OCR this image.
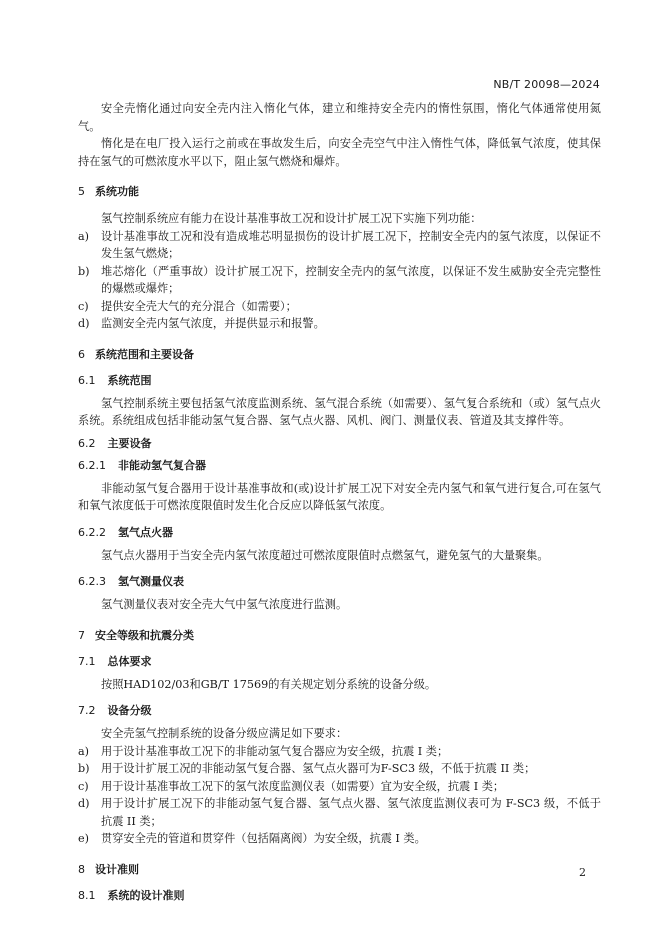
NB/T 20098—2024

安全壳惰化通过向安全壳内注入惰化气体，建立和维持安全壳内的惰性氛围，惰化气体通常使用氮气。

惰化是在电厂投入运行之前或在事故发生后，向安全壳空气中注入惰性气体，降低氧气浓度，使其保持在氢气的可燃浓度水平以下，阻止氢气燃烧和爆炸。

5 系统功能

氢气控制系统应有能力在设计基准事故工况和设计扩展工况下实施下列功能：

a)	设计基准事故工况和没有造成堆芯明显损伤的设计扩展工况下，控制安全壳内的氢气浓度，以保证不发生氢气燃烧；
b)	堆芯熔化（严重事故）设计扩展工况下，控制安全壳内的氢气浓度，以保证不发生威胁安全壳完整性的爆燃或爆炸；
c)	提供安全壳大气的充分混合（如需要）；
d)	监测安全壳内氢气浓度，并提供显示和报警。
6 系统范围和主要设备
6.1 系统范围

氢气控制系统主要包括氢气浓度监测系统、氢气混合系统（如需要）、氢气复合系统和（或）氢气点火系统。系统组成包括非能动氢气复合器、氢气点火器、风机、阀门、测量仪表、管道及其支撑件等。

6.2 主要设备
6.2.1 非能动氢气复合器

非能动氢气复合器用于设计基准事故和(或)设计扩展工况下对安全壳内氢气和氧气进行复合,可在氢气和氧气浓度低于可燃浓度限值时发生化合反应以降低氢气浓度。

6.2.2 氢气点火器

氢气点火器用于当安全壳内氢气浓度超过可燃浓度限值时点燃氢气，避免氢气的大量聚集。

6.2.3 氢气测量仪表

氢气测量仪表对安全壳大气中氢气浓度进行监测。

7 安全等级和抗震分类
7.1 总体要求

按照HAD102/03和GB/T 17569的有关规定划分系统的设备分级。

7.2 设备分级

安全壳氢气控制系统的设备分级应满足如下要求：

a)	用于设计基准事故工况下的非能动氢气复合器应为安全级，抗震 I 类；
b)	用于设计扩展工况的非能动氢气复合器、氢气点火器可为F-SC3 级，不低于抗震 II 类；
c)	用于设计基准事故工况下的氢气浓度监测仪表（如需要）宜为安全级，抗震 I 类；
d)	用于设计扩展工况下的非能动氢气复合器、氢气点火器、氢气浓度监测仪表可为 F-SC3 级，不低于抗震 II 类；
e)	贯穿安全壳的管道和贯穿件（包括隔离阀）为安全级，抗震 I 类。
8 设计准则
8.1 系统的设计准则
2
